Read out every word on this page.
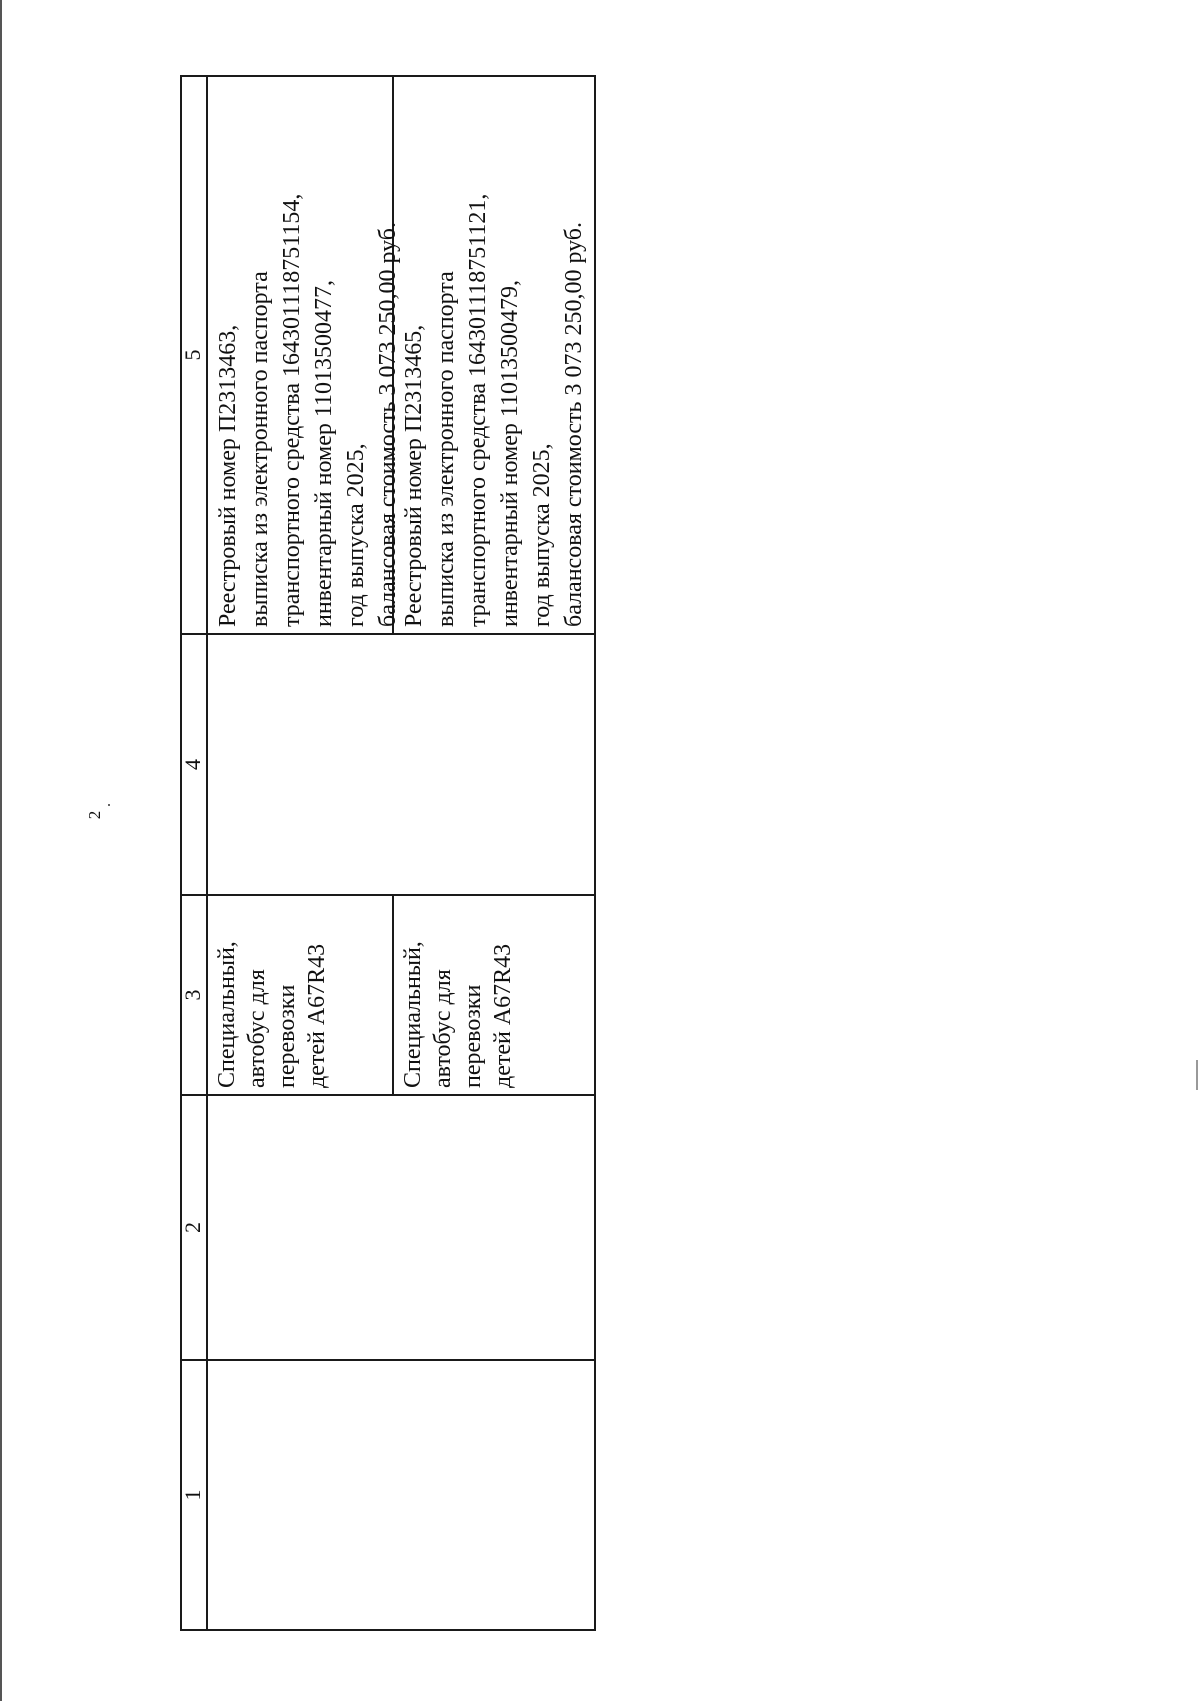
2
1
2
3
4
5
Специальный, автобус для перевозки детей A67R43
Реестровый номер П2313463, выписка из электронного паспорта транспортного средства 164301118751154, инвентарный номер 11013500477, год выпуска 2025, балансовая стоимость 3 073 250,00 руб.
Специальный, автобус для перевозки детей A67R43
Реестровый номер П2313465, выписка из электронного паспорта транспортного средства 164301118751121, инвентарный номер 11013500479, год выпуска 2025, балансовая стоимость 3 073 250,00 руб.
